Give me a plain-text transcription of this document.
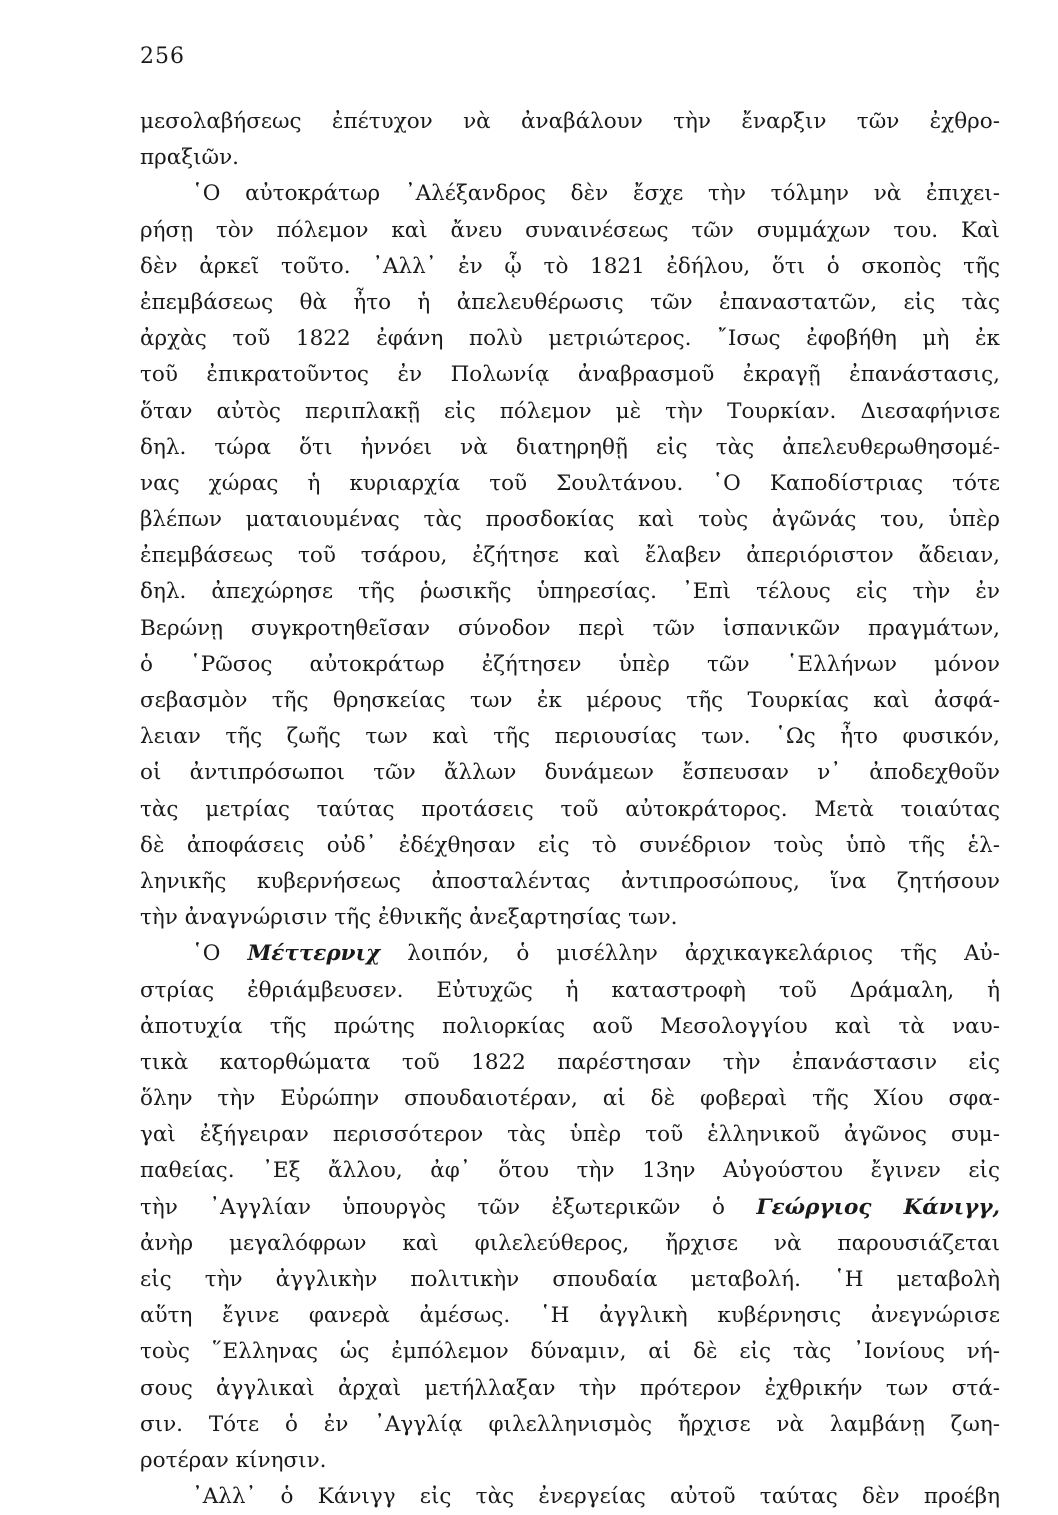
256
μεσολαβήσεως ἐπέτυχον νὰ ἀναβάλουν τὴν ἔναρξιν τῶν ἐχθρο-
πραξιῶν.
῾Ο αὐτοκράτωρ ᾿Αλέξανδρος δὲν ἔσχε τὴν τόλμην νὰ ἐπιχει-
ρήσῃ τὸν πόλεμον καὶ ἄνευ συναινέσεως τῶν συμμάχων του. Καὶ
δὲν ἀρκεῖ τοῦτο. ᾿Αλλ᾿ ἐν ᾧ τὸ 1821 ἐδήλου, ὅτι ὁ σκοπὸς τῆς
ἐπεμβάσεως θὰ ἦτο ἡ ἀπελευθέρωσις τῶν ἐπαναστατῶν, εἰς τὰς
ἀρχὰς τοῦ 1822 ἐφάνη πολὺ μετριώτερος. ῎Ισως ἐφοβήθη μὴ ἐκ
τοῦ ἐπικρατοῦντος ἐν Πολωνίᾳ ἀναβρασμοῦ ἐκραγῇ ἐπανάστασις,
ὅταν αὐτὸς περιπλακῇ εἰς πόλεμον μὲ τὴν Τουρκίαν. Διεσαφήνισε
δηλ. τώρα ὅτι ἠννόει νὰ διατηρηθῇ εἰς τὰς ἀπελευθερωθησομέ-
νας χώρας ἡ κυριαρχία τοῦ Σουλτάνου. ῾Ο Καποδίστριας τότε
βλέπων ματαιουμένας τὰς προσδοκίας καὶ τοὺς ἀγῶνάς του, ὑπὲρ
ἐπεμβάσεως τοῦ τσάρου, ἐζήτησε καὶ ἔλαβεν ἀπεριόριστον ἄδειαν,
δηλ. ἀπεχώρησε τῆς ῥωσικῆς ὑπηρεσίας. ᾿Επὶ τέλους εἰς τὴν ἐν
Βερώνῃ συγκροτηθεῖσαν σύνοδον περὶ τῶν ἱσπανικῶν πραγμάτων,
ὁ ῾Ρῶσος αὐτοκράτωρ ἐζήτησεν ὑπὲρ τῶν ῾Ελλήνων μόνον
σεβασμὸν τῆς θρησκείας των ἐκ μέρους τῆς Τουρκίας καὶ ἀσφά-
λειαν τῆς ζωῆς των καὶ τῆς περιουσίας των. ῾Ως ἦτο φυσικόν,
οἱ ἀντιπρόσωποι τῶν ἄλλων δυνάμεων ἔσπευσαν ν᾿ ἀποδεχθοῦν
τὰς μετρίας ταύτας προτάσεις τοῦ αὐτοκράτορος. Μετὰ τοιαύτας
δὲ ἀποφάσεις οὐδ᾿ ἐδέχθησαν εἰς τὸ συνέδριον τοὺς ὑπὸ τῆς ἑλ-
ληνικῆς κυβερνήσεως ἀποσταλέντας ἀντιπροσώπους, ἵνα ζητήσουν
τὴν ἀναγνώρισιν τῆς ἐθνικῆς ἀνεξαρτησίας των.
῾Ο Μέττερνιχ λοιπόν, ὁ μισέλλην ἀρχικαγκελάριος τῆς Αὐ-
στρίας ἐθριάμβευσεν. Εὐτυχῶς ἡ καταστροφὴ τοῦ Δράμαλη, ἡ
ἀποτυχία τῆς πρώτης πολιορκίας αοῦ Μεσολογγίου καὶ τὰ ναυ-
τικὰ κατορθώματα τοῦ 1822 παρέστησαν τὴν ἐπανάστασιν εἰς
ὅλην τὴν Εὐρώπην σπουδαιοτέραν, αἱ δὲ φοβεραὶ τῆς Χίου σφα-
γαὶ ἐξήγειραν περισσότερον τὰς ὑπὲρ τοῦ ἑλληνικοῦ ἀγῶνος συμ-
παθείας. ᾿Εξ ἄλλου, ἀφ᾿ ὅτου τὴν 13ην Αὐγούστου ἔγινεν εἰς
τὴν ᾿Αγγλίαν ὑπουργὸς τῶν ἐξωτερικῶν ὁ Γεώργιος Κάνιγγ,
ἀνὴρ μεγαλόφρων καὶ φιλελεύθερος, ἤρχισε νὰ παρουσιάζεται
εἰς τὴν ἀγγλικὴν πολιτικὴν σπουδαία μεταβολή. ῾Η μεταβολὴ
αὕτη ἔγινε φανερὰ ἀμέσως. ῾Η ἀγγλικὴ κυβέρνησις ἀνεγνώρισε
τοὺς ῞Ελληνας ὡς ἐμπόλεμον δύναμιν, αἱ δὲ εἰς τὰς ᾿Ιονίους νή-
σους ἀγγλικαὶ ἀρχαὶ μετήλλαξαν τὴν πρότερον ἐχθρικήν των στά-
σιν. Τότε ὁ ἐν ᾿Αγγλίᾳ φιλελληνισμὸς ἤρχισε νὰ λαμβάνῃ ζωη-
ροτέραν κίνησιν.
᾿Αλλ᾿ ὁ Κάνιγγ εἰς τὰς ἐνεργείας αὐτοῦ ταύτας δὲν προέβη
